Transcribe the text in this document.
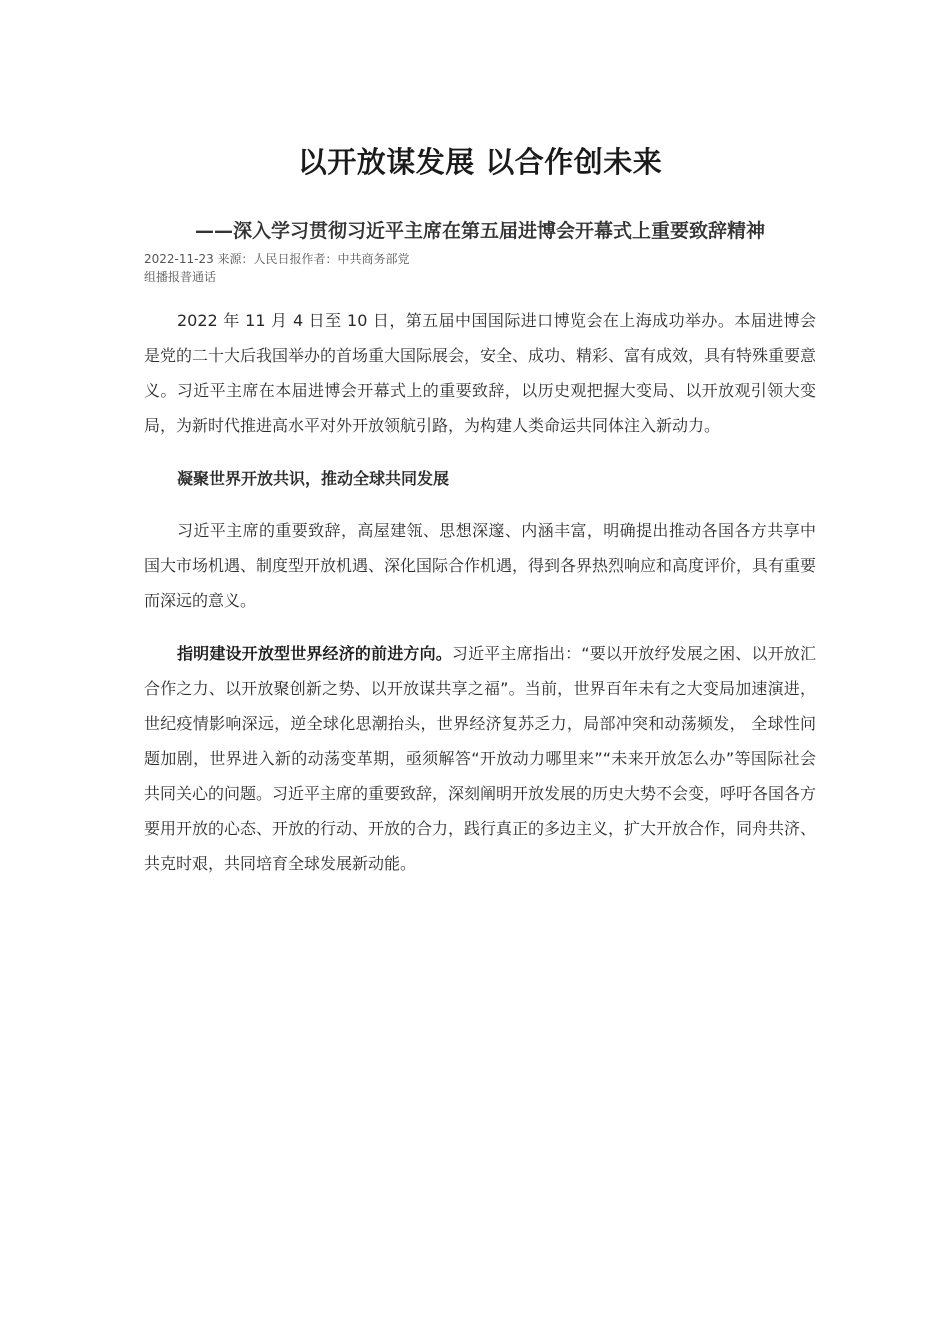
以开放谋发展 以合作创未来
——深入学习贯彻习近平主席在第五届进博会开幕式上重要致辞精神
2022-11-23 来源：人民日报作者：中共商务部党
组播报普通话

2022 年 11 月 4 日至 10 日，第五届中国国际进口博览会在上海成功举办。本届进博会是党的二十大后我国举办的首场重大国际展会，安全、成功、精彩、富有成效，具有特殊重要意义。习近平主席在本届进博会开幕式上的重要致辞，以历史观把握大变局、以开放观引领大变局，为新时代推进高水平对外开放领航引路，为构建人类命运共同体注入新动力。

凝聚世界开放共识，推动全球共同发展

习近平主席的重要致辞，高屋建瓴、思想深邃、内涵丰富，明确提出推动各国各方共享中国大市场机遇、制度型开放机遇、深化国际合作机遇，得到各界热烈响应和高度评价，具有重要而深远的意义。

指明建设开放型世界经济的前进方向。习近平主席指出：“要以开放纾发展之困、以开放汇合作之力、以开放聚创新之势、以开放谋共享之福”。当前，世界百年未有之大变局加速演进，世纪疫情影响深远，逆全球化思潮抬头，世界经济复苏乏力，局部冲突和动荡频发， 全球性问题加剧，世界进入新的动荡变革期，亟须解答“开放动力哪里来”“未来开放怎么办”等国际社会共同关心的问题。习近平主席的重要致辞，深刻阐明开放发展的历史大势不会变，呼吁各国各方要用开放的心态、开放的行动、开放的合力，践行真正的多边主义，扩大开放合作，同舟共济、共克时艰，共同培育全球发展新动能。
